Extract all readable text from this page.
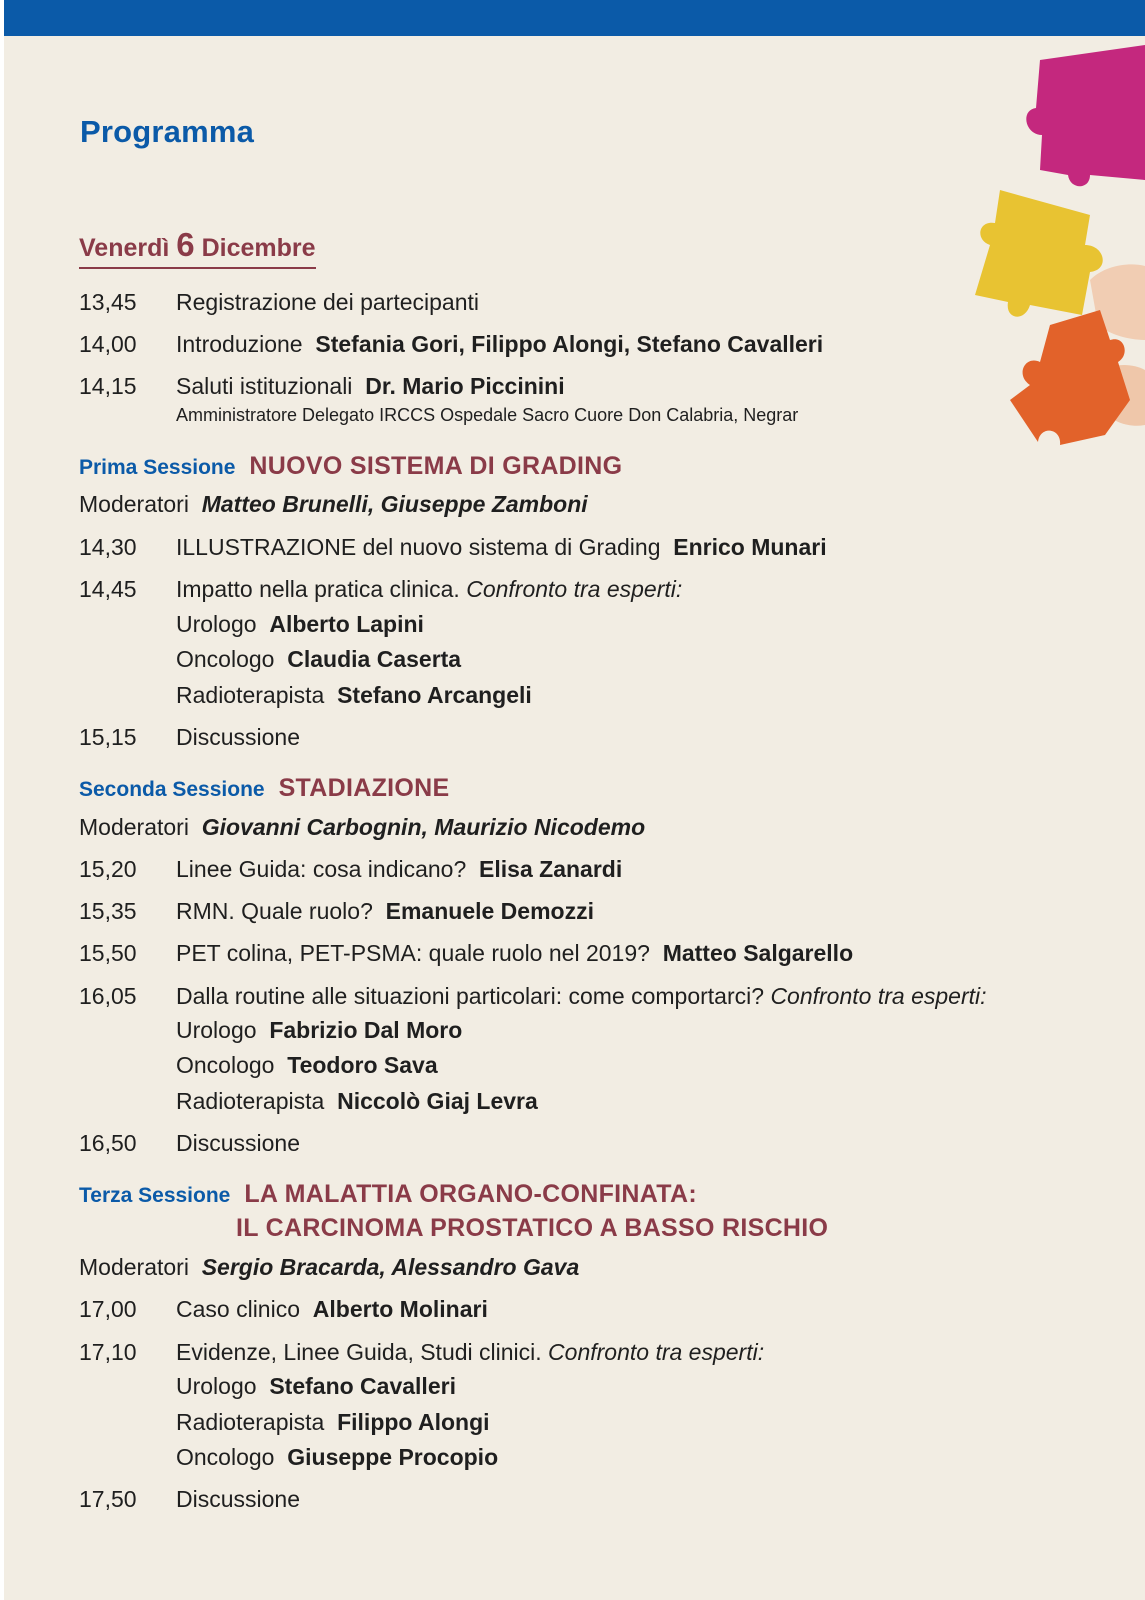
Programma
Venerdì 6 Dicembre
13,45 Registrazione dei partecipanti
14,00 Introduzione Stefania Gori, Filippo Alongi, Stefano Cavalleri
14,15 Saluti istituzionali Dr. Mario Piccinini
Amministratore Delegato IRCCS Ospedale Sacro Cuore Don Calabria, Negrar
Prima Sessione NUOVO SISTEMA DI GRADING
Moderatori Matteo Brunelli, Giuseppe Zamboni
14,30 ILLUSTRAZIONE del nuovo sistema di Grading Enrico Munari
14,45 Impatto nella pratica clinica. Confronto tra esperti:
Urologo Alberto Lapini
Oncologo Claudia Caserta
Radioterapista Stefano Arcangeli
15,15 Discussione
Seconda Sessione STADIAZIONE
Moderatori Giovanni Carbognin, Maurizio Nicodemo
15,20 Linee Guida: cosa indicano? Elisa Zanardi
15,35 RMN. Quale ruolo? Emanuele Demozzi
15,50 PET colina, PET-PSMA: quale ruolo nel 2019? Matteo Salgarello
16,05 Dalla routine alle situazioni particolari: come comportarci? Confronto tra esperti:
Urologo Fabrizio Dal Moro
Oncologo Teodoro Sava
Radioterapista Niccolò Giaj Levra
16,50 Discussione
Terza Sessione LA MALATTIA ORGANO-CONFINATA:
IL CARCINOMA PROSTATICO A BASSO RISCHIO
Moderatori Sergio Bracarda, Alessandro Gava
17,00 Caso clinico Alberto Molinari
17,10 Evidenze, Linee Guida, Studi clinici. Confronto tra esperti:
Urologo Stefano Cavalleri
Radioterapista Filippo Alongi
Oncologo Giuseppe Procopio
17,50 Discussione
